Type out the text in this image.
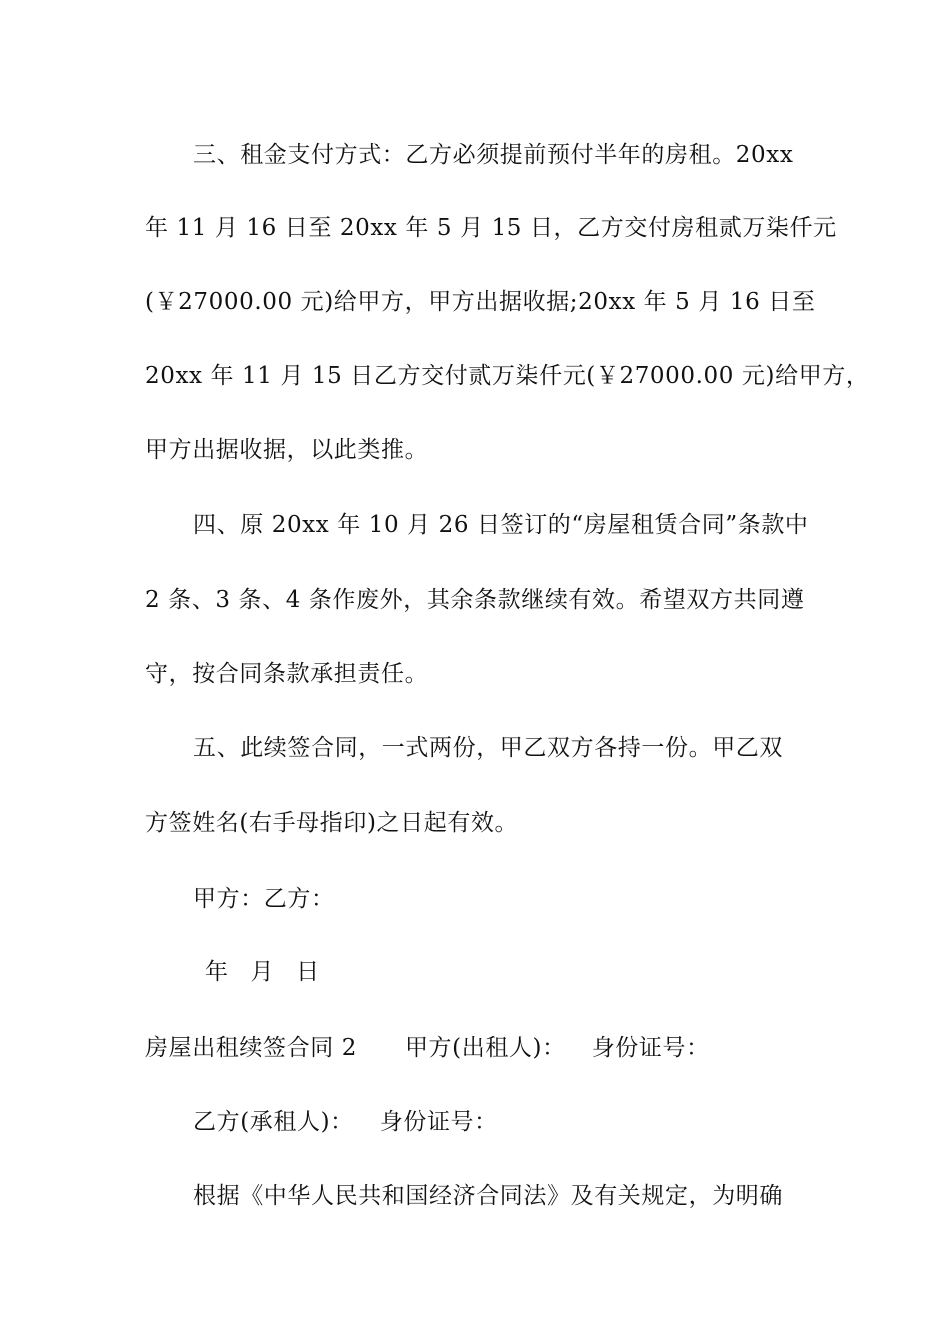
三、租金支付方式：乙方必须提前预付半年的房租。20xx
年 11 月 16 日至 20xx 年 5 月 15 日，乙方交付房租贰万柒仟元
(￥27000.00 元)给甲方，甲方出据收据;20xx 年 5 月 16 日至
20xx 年 11 月 15 日乙方交付贰万柒仟元(￥27000.00 元)给甲方，
甲方出据收据，以此类推。
四、原 20xx 年 10 月 26 日签订的“房屋租赁合同”条款中
2 条、3 条、4 条作废外，其余条款继续有效。希望双方共同遵
守，按合同条款承担责任。
五、此续签合同，一式两份，甲乙双方各持一份。甲乙双
方签姓名(右手母指印)之日起有效。
甲方：乙方：
年 月 日
房屋出租续签合同 2 甲方(出租人)： 身份证号：
乙方(承租人)： 身份证号：
根据《中华人民共和国经济合同法》及有关规定，为明确
